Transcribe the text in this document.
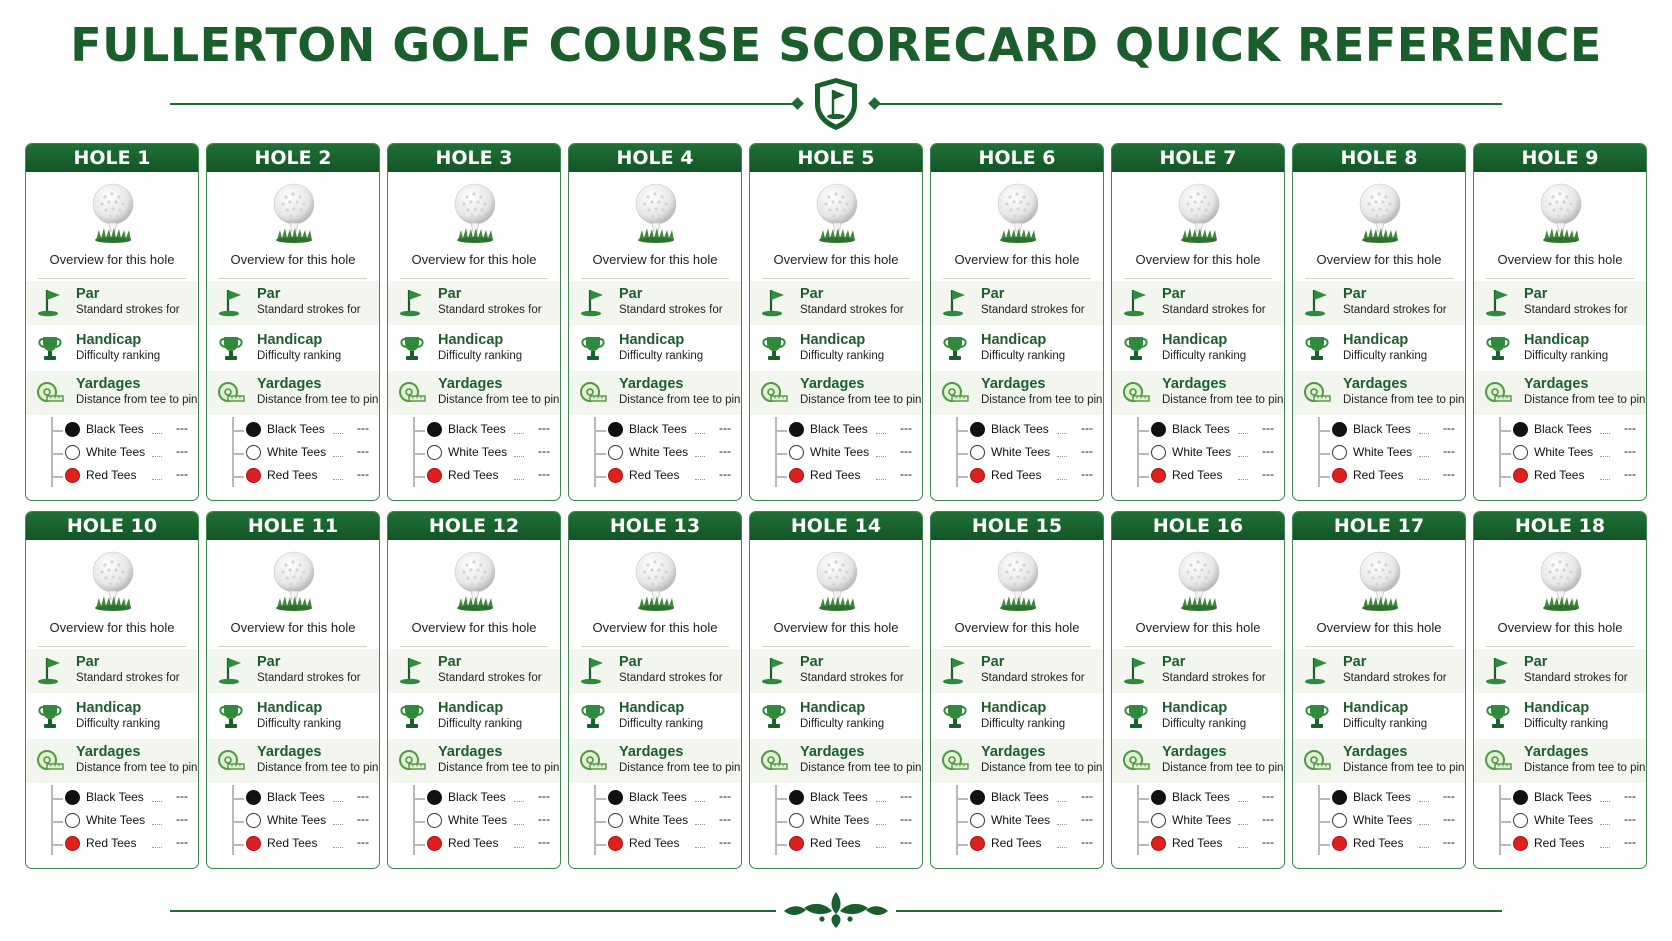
FULLERTON GOLF COURSE SCORECARD QUICK REFERENCE
HOLE 1
Overview for this hole
Par
Standard strokes for
Handicap
Difficulty ranking
Yardages
Distance from tee to pin
Black Tees	---
White Tees	---
Red Tees	---
HOLE 2
Overview for this hole
Par
Standard strokes for
Handicap
Difficulty ranking
Yardages
Distance from tee to pin
Black Tees	---
White Tees	---
Red Tees	---
HOLE 3
Overview for this hole
Par
Standard strokes for
Handicap
Difficulty ranking
Yardages
Distance from tee to pin
Black Tees	---
White Tees	---
Red Tees	---
HOLE 4
Overview for this hole
Par
Standard strokes for
Handicap
Difficulty ranking
Yardages
Distance from tee to pin
Black Tees	---
White Tees	---
Red Tees	---
HOLE 5
Overview for this hole
Par
Standard strokes for
Handicap
Difficulty ranking
Yardages
Distance from tee to pin
Black Tees	---
White Tees	---
Red Tees	---
HOLE 6
Overview for this hole
Par
Standard strokes for
Handicap
Difficulty ranking
Yardages
Distance from tee to pin
Black Tees	---
White Tees	---
Red Tees	---
HOLE 7
Overview for this hole
Par
Standard strokes for
Handicap
Difficulty ranking
Yardages
Distance from tee to pin
Black Tees	---
White Tees	---
Red Tees	---
HOLE 8
Overview for this hole
Par
Standard strokes for
Handicap
Difficulty ranking
Yardages
Distance from tee to pin
Black Tees	---
White Tees	---
Red Tees	---
HOLE 9
Overview for this hole
Par
Standard strokes for
Handicap
Difficulty ranking
Yardages
Distance from tee to pin
Black Tees	---
White Tees	---
Red Tees	---
HOLE 10
Overview for this hole
Par
Standard strokes for
Handicap
Difficulty ranking
Yardages
Distance from tee to pin
Black Tees	---
White Tees	---
Red Tees	---
HOLE 11
Overview for this hole
Par
Standard strokes for
Handicap
Difficulty ranking
Yardages
Distance from tee to pin
Black Tees	---
White Tees	---
Red Tees	---
HOLE 12
Overview for this hole
Par
Standard strokes for
Handicap
Difficulty ranking
Yardages
Distance from tee to pin
Black Tees	---
White Tees	---
Red Tees	---
HOLE 13
Overview for this hole
Par
Standard strokes for
Handicap
Difficulty ranking
Yardages
Distance from tee to pin
Black Tees	---
White Tees	---
Red Tees	---
HOLE 14
Overview for this hole
Par
Standard strokes for
Handicap
Difficulty ranking
Yardages
Distance from tee to pin
Black Tees	---
White Tees	---
Red Tees	---
HOLE 15
Overview for this hole
Par
Standard strokes for
Handicap
Difficulty ranking
Yardages
Distance from tee to pin
Black Tees	---
White Tees	---
Red Tees	---
HOLE 16
Overview for this hole
Par
Standard strokes for
Handicap
Difficulty ranking
Yardages
Distance from tee to pin
Black Tees	---
White Tees	---
Red Tees	---
HOLE 17
Overview for this hole
Par
Standard strokes for
Handicap
Difficulty ranking
Yardages
Distance from tee to pin
Black Tees	---
White Tees	---
Red Tees	---
HOLE 18
Overview for this hole
Par
Standard strokes for
Handicap
Difficulty ranking
Yardages
Distance from tee to pin
Black Tees	---
White Tees	---
Red Tees	---
